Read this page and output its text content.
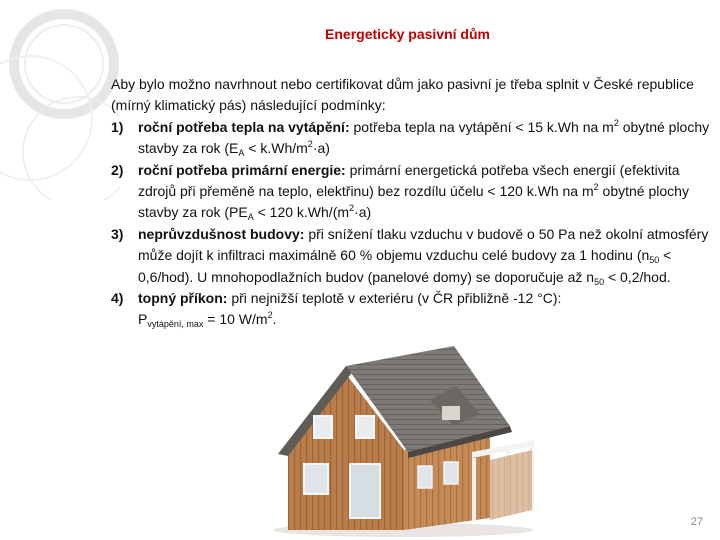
Energeticky pasivní dům

Aby bylo možno navrhnout nebo certifikovat dům jako pasivní je třeba splnit v České republice (mírný klimatický pás) následující podmínky:

1) roční potřeba tepla na vytápění: potřeba tepla na vytápění < 15 k.Wh na $m^2$ obytné plochy stavby za rok $(E_A < k.Wh/m^2\cdot a)$
2) roční potřeba primární energie: primární energetická potřeba všech energií (efektivita zdrojů při přeměně na teplo, elektřinu) bez rozdílu účelu < 120 k.Wh na $m^2$ obytné plochy stavby za rok ($PE_A < 120$ $k.Wh/(m^2\cdot a)$
3) neprůvzdušnost budovy: při snížení tlaku vzduchu v budově o 50 Pa než okolní atmosféry může dojít k infiltraci maximálně 60 % objemu vzduchu celé budovy za 1 hodinu $(n_{50} < 0,6/hod)$. U mnohopodlažních budov (panelové domy) se doporučuje až $n_{50} < 0,2/hod$.
4) topný příkon: při nejnižší teplotě v exteriéru (v ČR přibližně -12 °C):
$P_{vytápění, max} = 10$ $W/m^2$.
27
